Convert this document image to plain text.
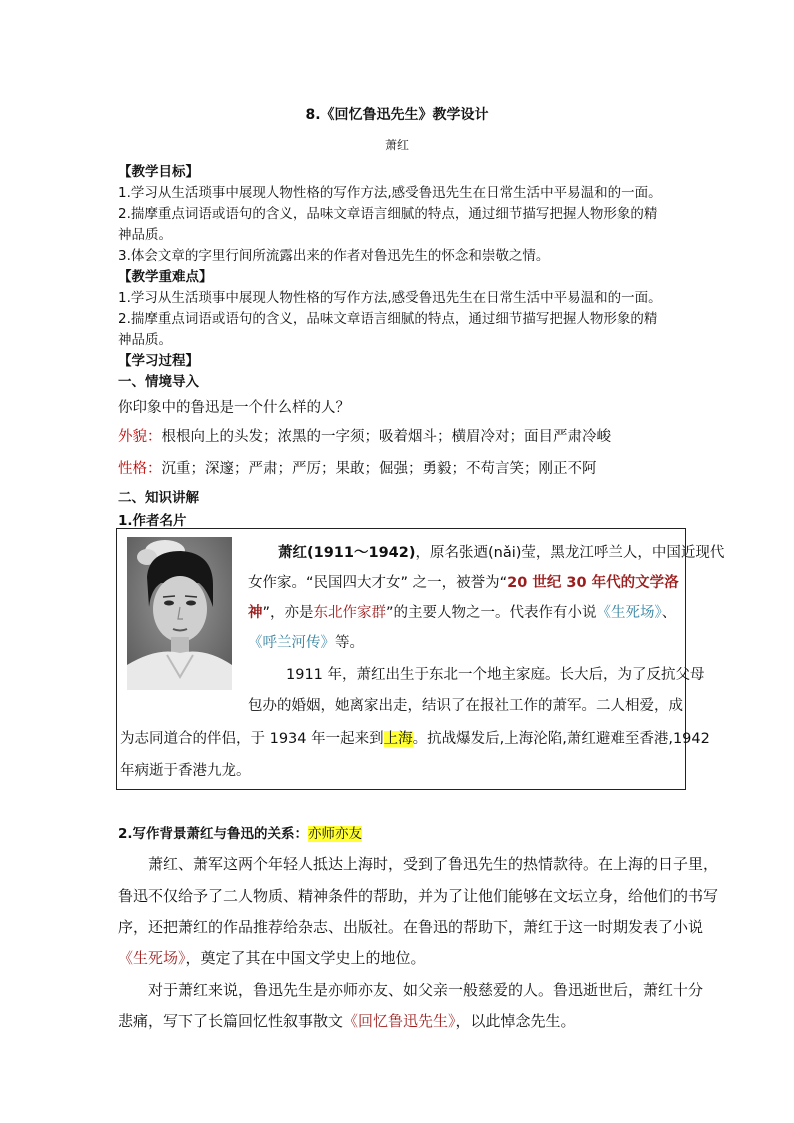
8.《回忆鲁迅先生》教学设计
萧红
【教学目标】
1.学习从生活琐事中展现人物性格的写作方法,感受鲁迅先生在日常生活中平易温和的一面。
2.揣摩重点词语或语句的含义，品味文章语言细腻的特点，通过细节描写把握人物形象的精
神品质。
3.体会文章的字里行间所流露出来的作者对鲁迅先生的怀念和崇敬之情。
【教学重难点】
1.学习从生活琐事中展现人物性格的写作方法,感受鲁迅先生在日常生活中平易温和的一面。
2.揣摩重点词语或语句的含义，品味文章语言细腻的特点，通过细节描写把握人物形象的精
神品质。
【学习过程】
一、情境导入
你印象中的鲁迅是一个什么样的人？
外貌：根根向上的头发；浓黑的一字须；吸着烟斗；横眉冷对；面目严肃冷峻
性格：沉重；深邃；严肃；严厉；果敢；倔强；勇毅；不苟言笑；刚正不阿
二、知识讲解
1.作者名片
萧红(1911～1942)，原名张迺(nǎi)莹，黑龙江呼兰人，中国近现代
女作家。“民国四大才女” 之一，被誉为“20 世纪 30 年代的文学洛
神”，亦是东北作家群”的主要人物之一。代表作有小说《生死场》、
《呼兰河传》等。
1911 年，萧红出生于东北一个地主家庭。长大后，为了反抗父母
包办的婚姻，她离家出走，结识了在报社工作的萧军。二人相爱，成
为志同道合的伴侣，于 1934 年一起来到上海。抗战爆发后,上海沦陷,萧红避难至香港,1942
年病逝于香港九龙。
2.写作背景萧红与鲁迅的关系：亦师亦友
萧红、萧军这两个年轻人抵达上海时，受到了鲁迅先生的热情款待。在上海的日子里，
鲁迅不仅给予了二人物质、精神条件的帮助，并为了让他们能够在文坛立身，给他们的书写
序，还把萧红的作品推荐给杂志、出版社。在鲁迅的帮助下，萧红于这一时期发表了小说
《生死场》，奠定了其在中国文学史上的地位。
对于萧红来说，鲁迅先生是亦师亦友、如父亲一般慈爱的人。鲁迅逝世后，萧红十分
悲痛，写下了长篇回忆性叙事散文《回忆鲁迅先生》，以此悼念先生。
